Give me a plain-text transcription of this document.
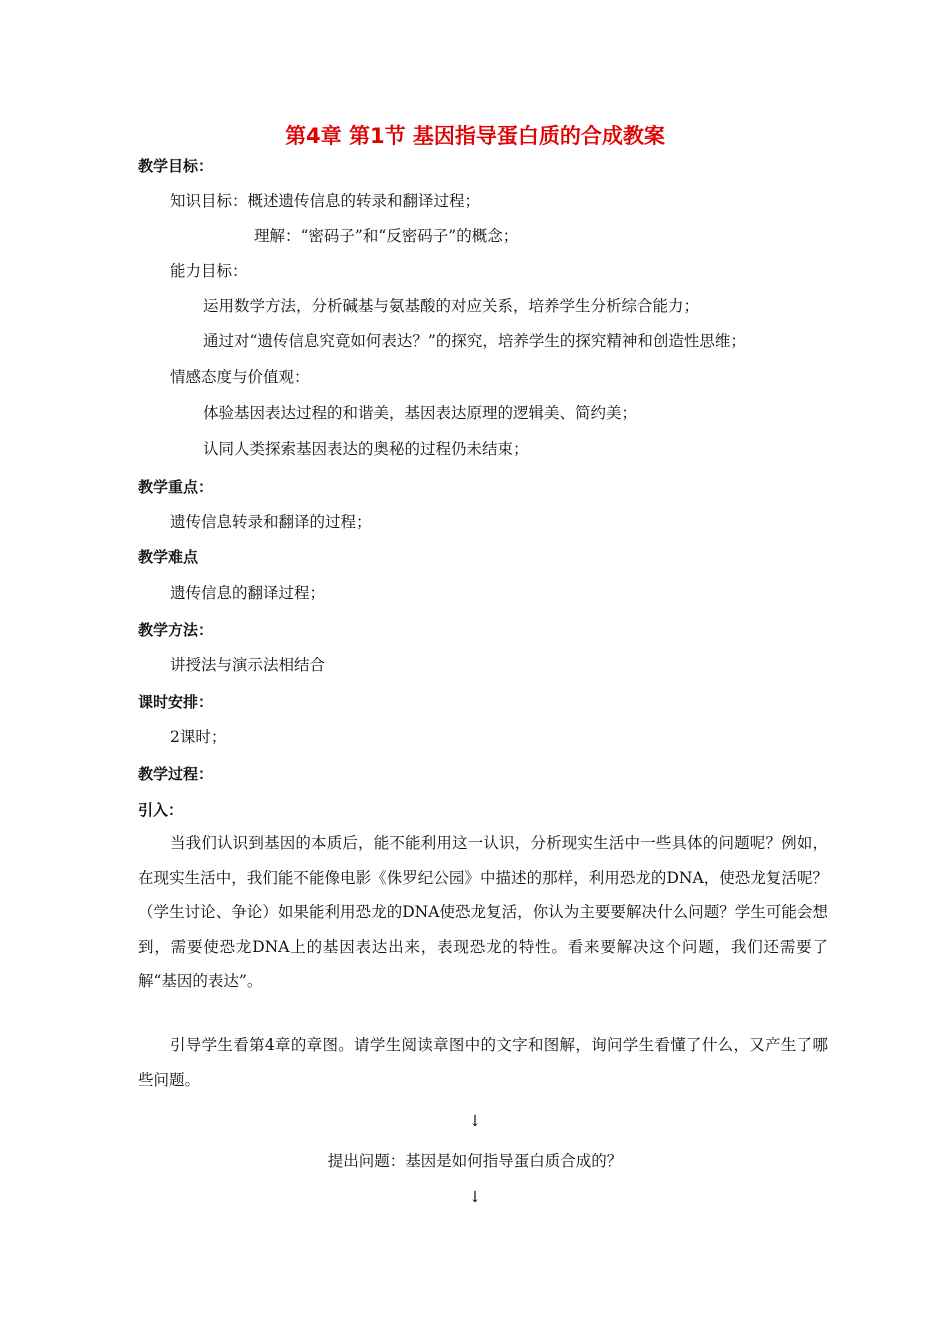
第4章 第1节 基因指导蛋白质的合成教案
教学目标：
知识目标：概述遗传信息的转录和翻译过程；
理解：“密码子”和“反密码子”的概念；
能力目标：
运用数学方法，分析碱基与氨基酸的对应关系，培养学生分析综合能力；
通过对“遗传信息究竟如何表达？”的探究，培养学生的探究精神和创造性思维；
情感态度与价值观：
体验基因表达过程的和谐美，基因表达原理的逻辑美、简约美；
认同人类探索基因表达的奥秘的过程仍未结束；
教学重点：
遗传信息转录和翻译的过程；
教学难点
遗传信息的翻译过程；
教学方法：
讲授法与演示法相结合
课时安排：
2课时；
教学过程：
引入：
当我们认识到基因的本质后，能不能利用这一认识，分析现实生活中一些具体的问题呢？例如，在现实生活中，我们能不能像电影《侏罗纪公园》中描述的那样，利用恐龙的DNA，使恐龙复活呢？（学生讨论、争论）如果能利用恐龙的DNA使恐龙复活，你认为主要要解决什么问题？学生可能会想到，需要使恐龙DNA上的基因表达出来，表现恐龙的特性。看来要解决这个问题，我们还需要了解“基因的表达”。
引导学生看第4章的章图。请学生阅读章图中的文字和图解，询问学生看懂了什么，又产生了哪些问题。
↓
提出问题：基因是如何指导蛋白质合成的？
↓
